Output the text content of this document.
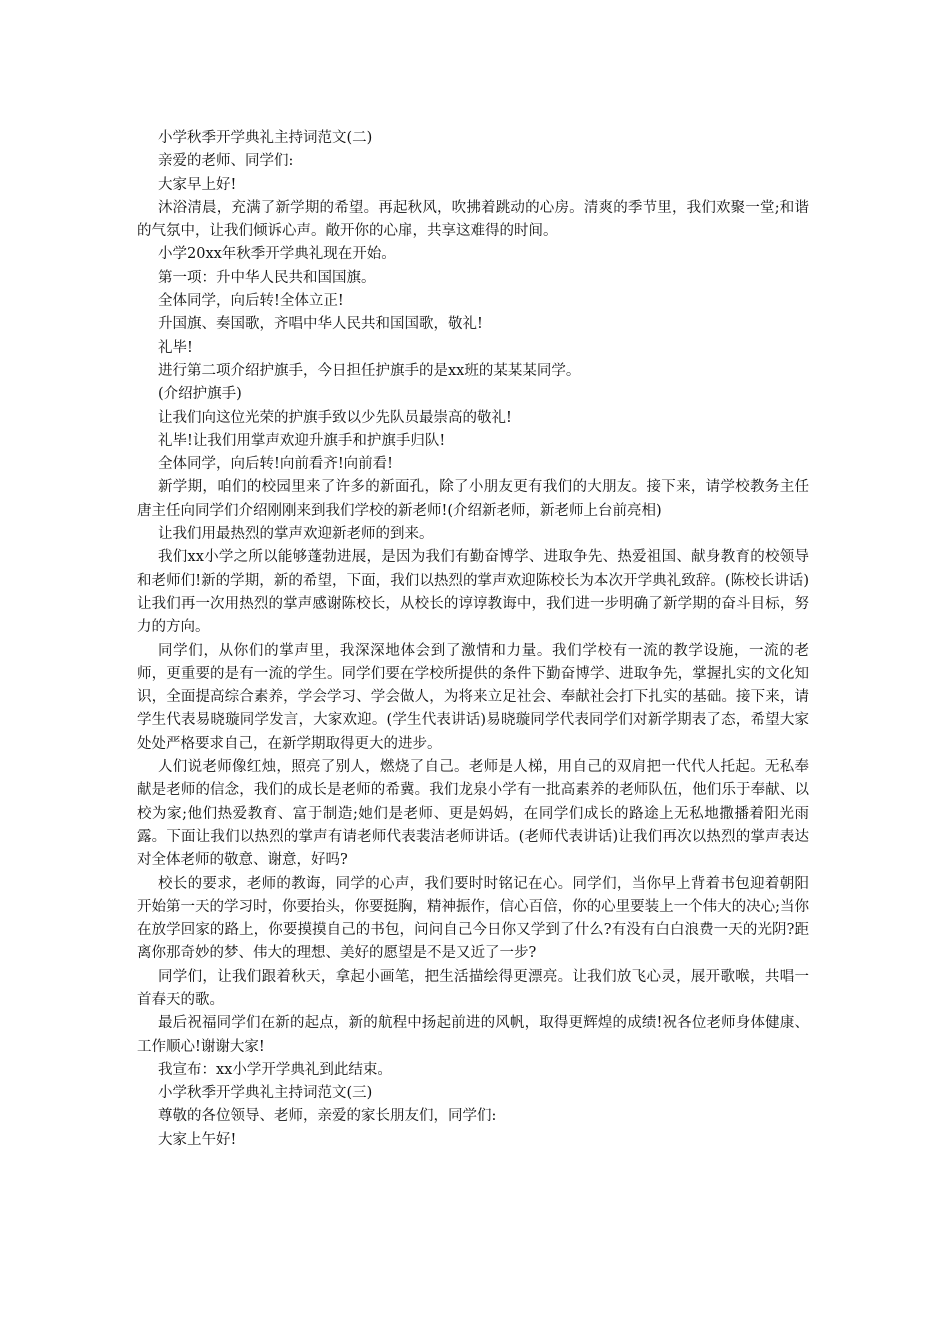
小学秋季开学典礼主持词范文(二)

亲爱的老师、同学们:

大家早上好!

沐浴清晨，充满了新学期的希望。再起秋风，吹拂着跳动的心房。清爽的季节里，我们欢聚一堂;和谐的气氛中，让我们倾诉心声。敞开你的心扉，共享这难得的时间。

小学20xx年秋季开学典礼现在开始。

第一项：升中华人民共和国国旗。

全体同学，向后转!全体立正!

升国旗、奏国歌，齐唱中华人民共和国国歌，敬礼!

礼毕!

进行第二项介绍护旗手，今日担任护旗手的是xx班的某某某同学。

(介绍护旗手)

让我们向这位光荣的护旗手致以少先队员最崇高的敬礼!

礼毕!让我们用掌声欢迎升旗手和护旗手归队!

全体同学，向后转!向前看齐!向前看!

新学期，咱们的校园里来了许多的新面孔，除了小朋友更有我们的大朋友。接下来，请学校教务主任唐主任向同学们介绍刚刚来到我们学校的新老师!(介绍新老师，新老师上台前亮相)

让我们用最热烈的掌声欢迎新老师的到来。

我们xx小学之所以能够蓬勃进展，是因为我们有勤奋博学、进取争先、热爱祖国、献身教育的校领导和老师们!新的学期，新的希望，下面，我们以热烈的掌声欢迎陈校长为本次开学典礼致辞。(陈校长讲话) 让我们再一次用热烈的掌声感谢陈校长，从校长的谆谆教诲中，我们进一步明确了新学期的奋斗目标，努力的方向。

同学们，从你们的掌声里，我深深地体会到了激情和力量。我们学校有一流的教学设施，一流的老师，更重要的是有一流的学生。同学们要在学校所提供的条件下勤奋博学、进取争先，掌握扎实的文化知识，全面提高综合素养，学会学习、学会做人，为将来立足社会、奉献社会打下扎实的基础。接下来，请学生代表易晓璇同学发言，大家欢迎。(学生代表讲话)易晓璇同学代表同学们对新学期表了态，希望大家处处严格要求自己，在新学期取得更大的进步。

人们说老师像红烛，照亮了别人，燃烧了自己。老师是人梯，用自己的双肩把一代代人托起。无私奉献是老师的信念，我们的成长是老师的希冀。我们龙泉小学有一批高素养的老师队伍，他们乐于奉献、以校为家;他们热爱教育、富于制造;她们是老师、更是妈妈，在同学们成长的路途上无私地撒播着阳光雨露。下面让我们以热烈的掌声有请老师代表裴洁老师讲话。(老师代表讲话)让我们再次以热烈的掌声表达对全体老师的敬意、谢意，好吗?

校长的要求，老师的教诲，同学的心声，我们要时时铭记在心。同学们，当你早上背着书包迎着朝阳开始第一天的学习时，你要抬头，你要挺胸，精神振作，信心百倍，你的心里要装上一个伟大的决心;当你在放学回家的路上，你要摸摸自己的书包，问问自己今日你又学到了什么?有没有白白浪费一天的光阴?距离你那奇妙的梦、伟大的理想、美好的愿望是不是又近了一步?

同学们，让我们跟着秋天，拿起小画笔，把生活描绘得更漂亮。让我们放飞心灵，展开歌喉，共唱一首春天的歌。

最后祝福同学们在新的起点，新的航程中扬起前进的风帆，取得更辉煌的成绩!祝各位老师身体健康、工作顺心!谢谢大家!

我宣布：xx小学开学典礼到此结束。

小学秋季开学典礼主持词范文(三)

尊敬的各位领导、老师，亲爱的家长朋友们，同学们:

大家上午好!
